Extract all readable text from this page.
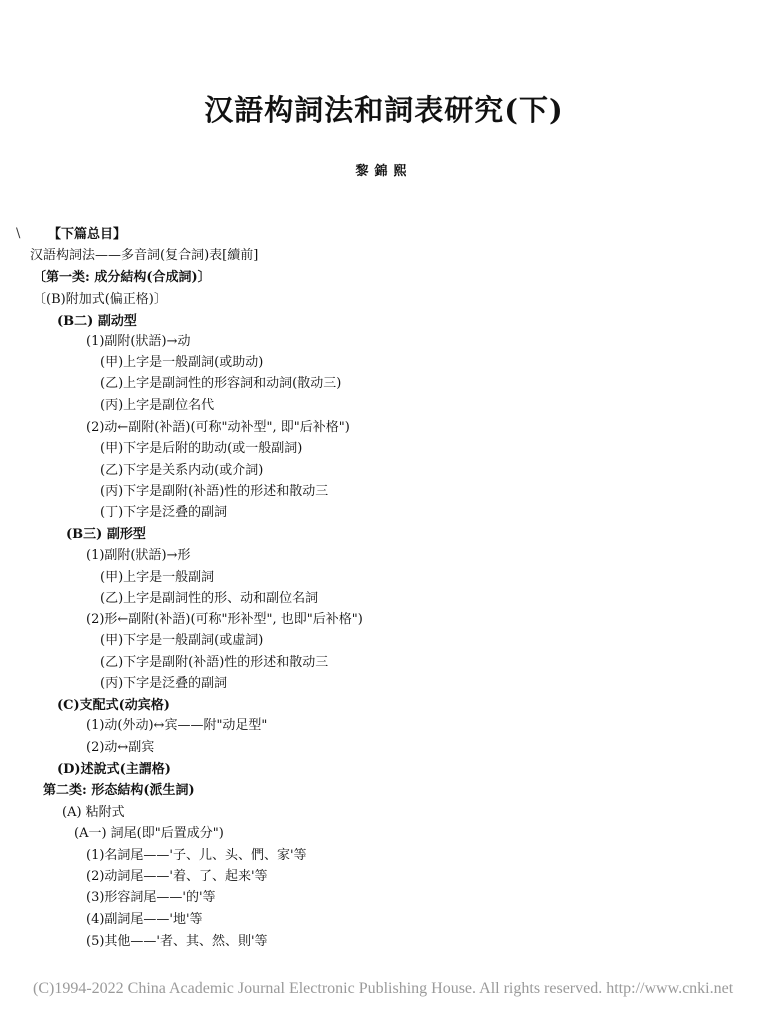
汉語构詞法和詞表研究(下)
黎錦熙
【下篇总目】
汉語构詞法——多音詞(复合詞)表[續前]
〔第一类: 成分結构(合成詞)〕
〔(B)附加式(偏正格)〕
(B二) 副动型
(1)副附(狀語)→动
(甲)上字是一般副詞(或助动)
(乙)上字是副詞性的形容詞和动詞(散动三)
(丙)上字是副位名代
(2)动←副附(补語)(可称"动补型", 即"后补格")
(甲)下字是后附的助动(或一般副詞)
(乙)下字是关系内动(或介詞)
(丙)下字是副附(补語)性的形述和散动三
(丁)下字是泛叠的副詞
(B三) 副形型
(1)副附(狀語)→形
(甲)上字是一般副詞
(乙)上字是副詞性的形、动和副位名詞
(2)形←副附(补語)(可称"形补型", 也即"后补格")
(甲)下字是一般副詞(或虛詞)
(乙)下字是副附(补語)性的形述和散动三
(丙)下字是泛叠的副詞
(C)支配式(动宾格)
(1)动(外动)↔宾——附"动足型"
(2)动↔副宾
(D)述說式(主謂格)
第二类: 形态結构(派生詞)
(A) 粘附式
(A一) 詞尾(即"后置成分")
(1)名詞尾——'子、儿、头、們、家'等
(2)动詞尾——'着、了、起来'等
(3)形容詞尾——'的'等
(4)副詞尾——'地'等
(5)其他——'者、其、然、則'等
\
(C)1994-2022 China Academic Journal Electronic Publishing House. All rights reserved. http://www.cnki.net
